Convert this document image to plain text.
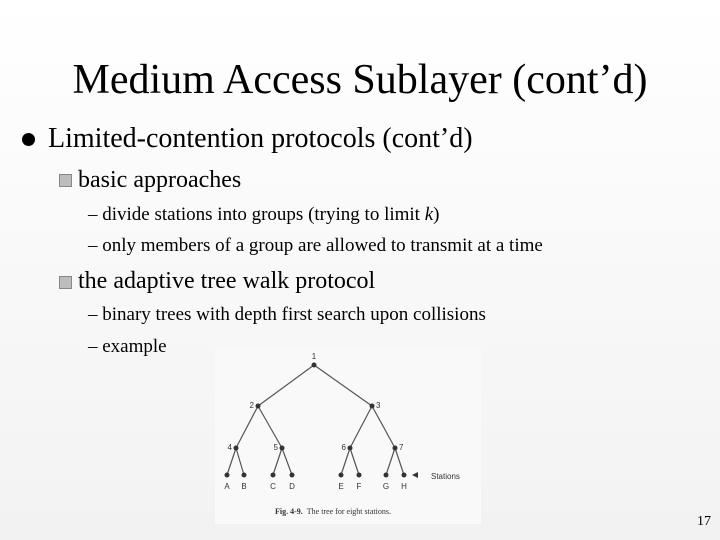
Medium Access Sublayer (cont’d)
Limited-contention protocols (cont’d)
basic approaches
– divide stations into groups (trying to limit k)
– only members of a group are allowed to transmit at a time
the adaptive tree walk protocol
– binary trees with depth first search upon collisions
– example	1
2	3
4	5	6	7
A B	C D	E F	G H
Stations
Fig. 4-9. The tree for eight stations.
17
